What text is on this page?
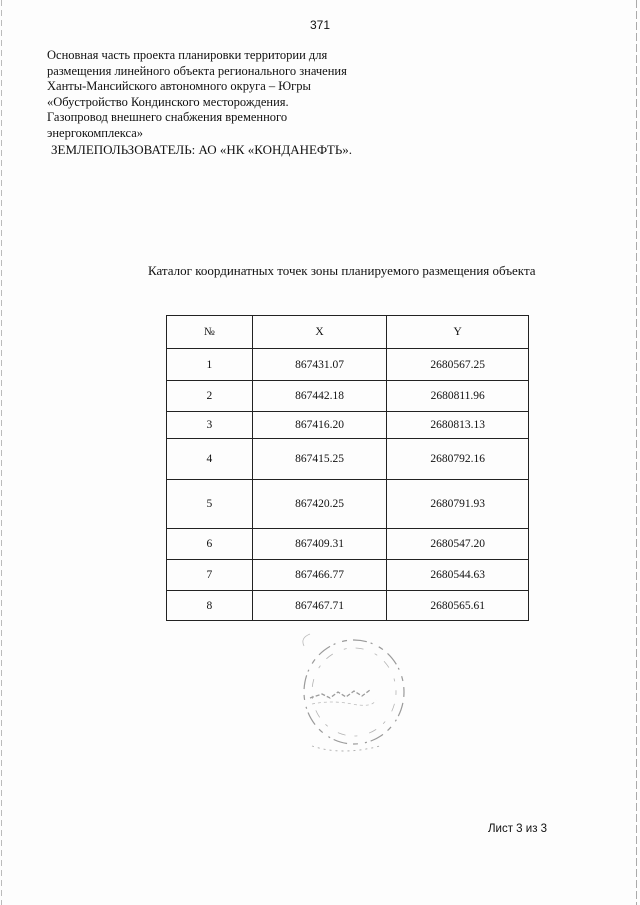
371
Основная часть проекта планировки территории для
размещения линейного объекта регионального значения
Ханты-Мансийского автономного округа – Югры
«Обустройство Кондинского месторождения.
Газопровод внешнего снабжения временного
энергокомплекса»
ЗЕМЛЕПОЛЬЗОВАТЕЛЬ: АО «НК «КОНДАНЕФТЬ».
Каталог координатных точек зоны планируемого размещения объекта
№	X	Y
1	867431.07	2680567.25
2	867442.18	2680811.96
3	867416.20	2680813.13
4	867415.25	2680792.16
5	867420.25	2680791.93
6	867409.31	2680547.20
7	867466.77	2680544.63
8	867467.71	2680565.61
Лист 3 из 3
